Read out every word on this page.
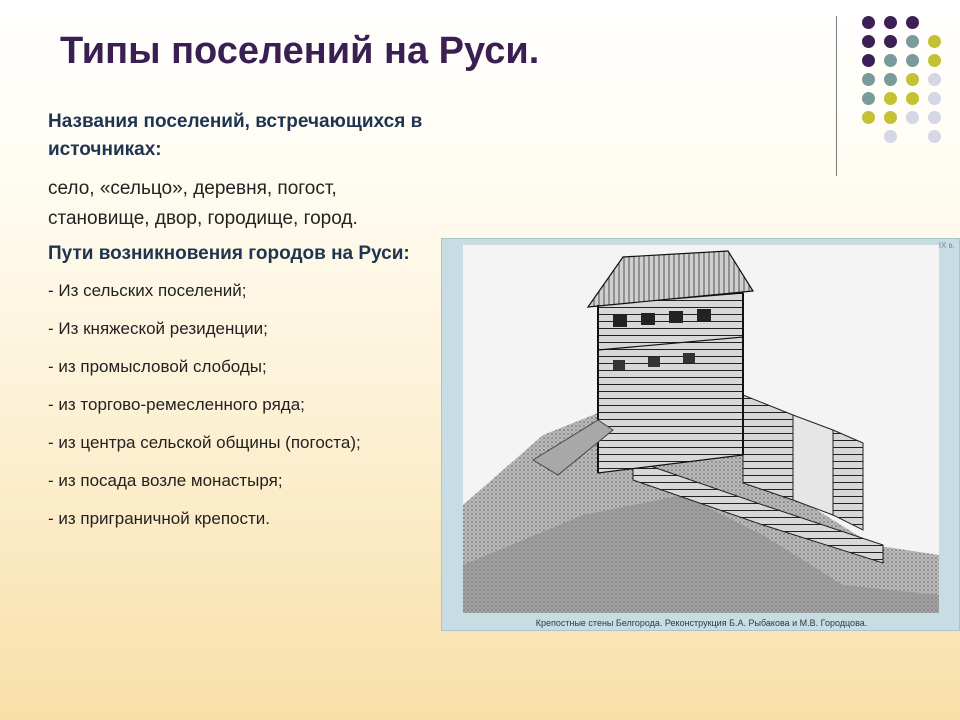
Типы поселений на Руси.

Названия поселений, встречающихся в источниках:

село, «сельцо», деревня, погост, становище, двор, городище, город.

Пути возникновения городов на Руси:

- Из сельских поселений;
- Из княжеской резиденции;
- из промысловой слободы;
- из торгово-ремесленного ряда;
- из центра сельской общины (погоста);
- из посада возле монастыря;
- из приграничной крепости.
IX в.
Крепостные стены Белгорода. Реконструкция Б.А. Рыбакова и М.В. Городцова.
